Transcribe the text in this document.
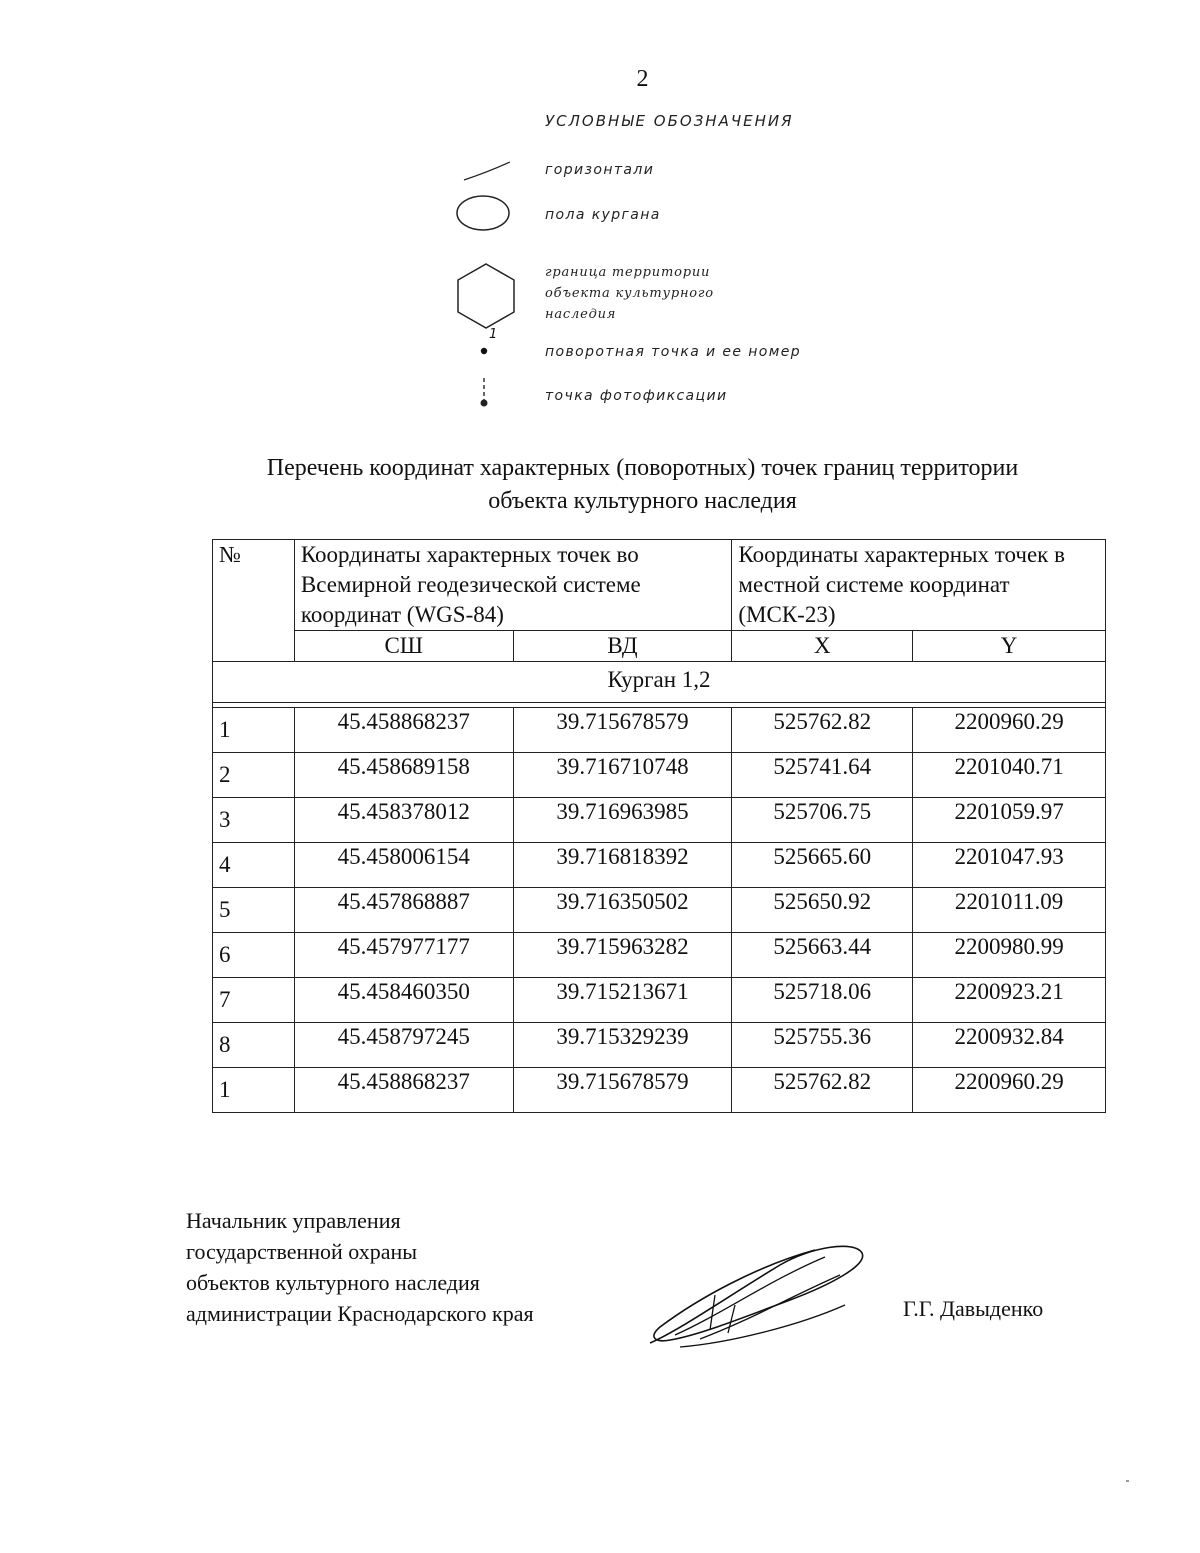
2
УСЛОВНЫЕ ОБОЗНАЧЕНИЯ
горизонтали
пола кургана
граница территории
объекта культурного
наследия
1
поворотная точка и ее номер
точка фотофиксации
Перечень координат характерных (поворотных) точек границ территории
объекта культурного наследия
№	Координаты характерных точек во Всемирной геодезической системе координат (WGS-84)		Координаты характерных точек в местной системе координат (МСК-23)	
	СШ	ВД	X	Y
Курган 1,2				

1	45.458868237	39.715678579	525762.82	2200960.29
2	45.458689158	39.716710748	525741.64	2201040.71
3	45.458378012	39.716963985	525706.75	2201059.97
4	45.458006154	39.716818392	525665.60	2201047.93
5	45.457868887	39.716350502	525650.92	2201011.09
6	45.457977177	39.715963282	525663.44	2200980.99
7	45.458460350	39.715213671	525718.06	2200923.21
8	45.458797245	39.715329239	525755.36	2200932.84
1	45.458868237	39.715678579	525762.82	2200960.29
Начальник управления
государственной охраны
объектов культурного наследия
администрации Краснодарского края	Г.Г. Давыденко
